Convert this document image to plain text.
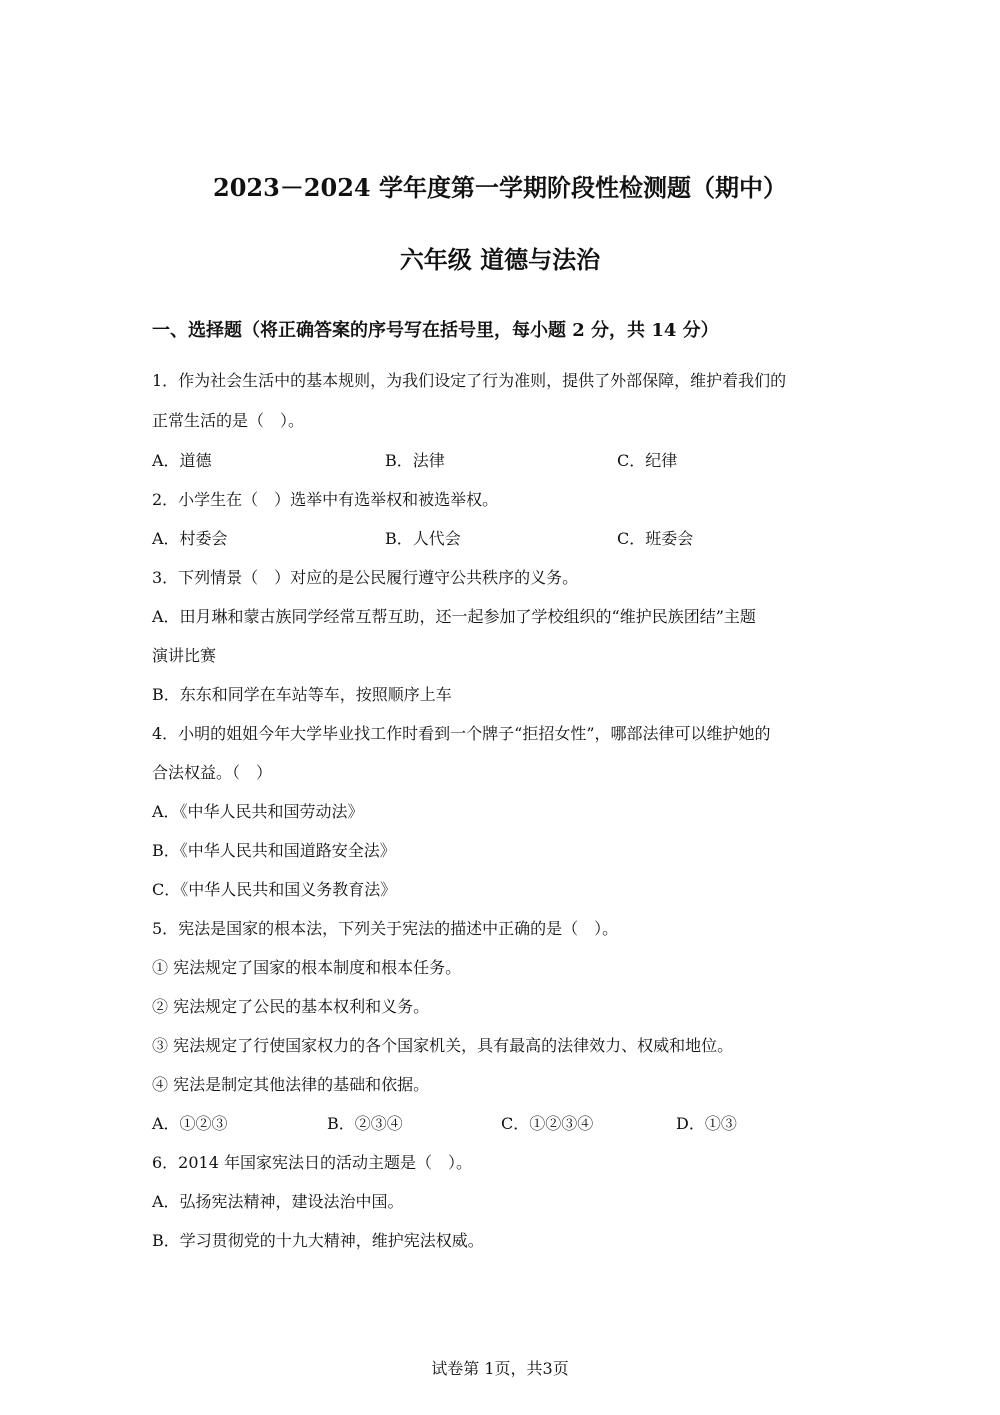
2023－2024 学年度第一学期阶段性检测题（期中）
六年级 道德与法治
一、选择题（将正确答案的序号写在括号里，每小题 2 分，共 14 分）
1．作为社会生活中的基本规则，为我们设定了行为准则，提供了外部保障，维护着我们的
正常生活的是（　）。
A．道德	B．法律	C．纪律
2．小学生在（　）选举中有选举权和被选举权。
A．村委会	B．人代会	C．班委会
3．下列情景（　）对应的是公民履行遵守公共秩序的义务。
A．田月琳和蒙古族同学经常互帮互助，还一起参加了学校组织的“维护民族团结”主题
演讲比赛
B．东东和同学在车站等车，按照顺序上车
4．小明的姐姐今年大学毕业找工作时看到一个牌子“拒招女性”，哪部法律可以维护她的
合法权益。（　）
A．《中华人民共和国劳动法》
B．《中华人民共和国道路安全法》
C．《中华人民共和国义务教育法》
5．宪法是国家的根本法，下列关于宪法的描述中正确的是（　）。
① 宪法规定了国家的根本制度和根本任务。
② 宪法规定了公民的基本权利和义务。
③ 宪法规定了行使国家权力的各个国家机关，具有最高的法律效力、权威和地位。
④ 宪法是制定其他法律的基础和依据。
A．①②③	B．②③④	C．①②③④	D．①③
6．2014 年国家宪法日的活动主题是（　）。
A．弘扬宪法精神，建设法治中国。
B．学习贯彻党的十九大精神，维护宪法权威。
试卷第 1页，共3页
